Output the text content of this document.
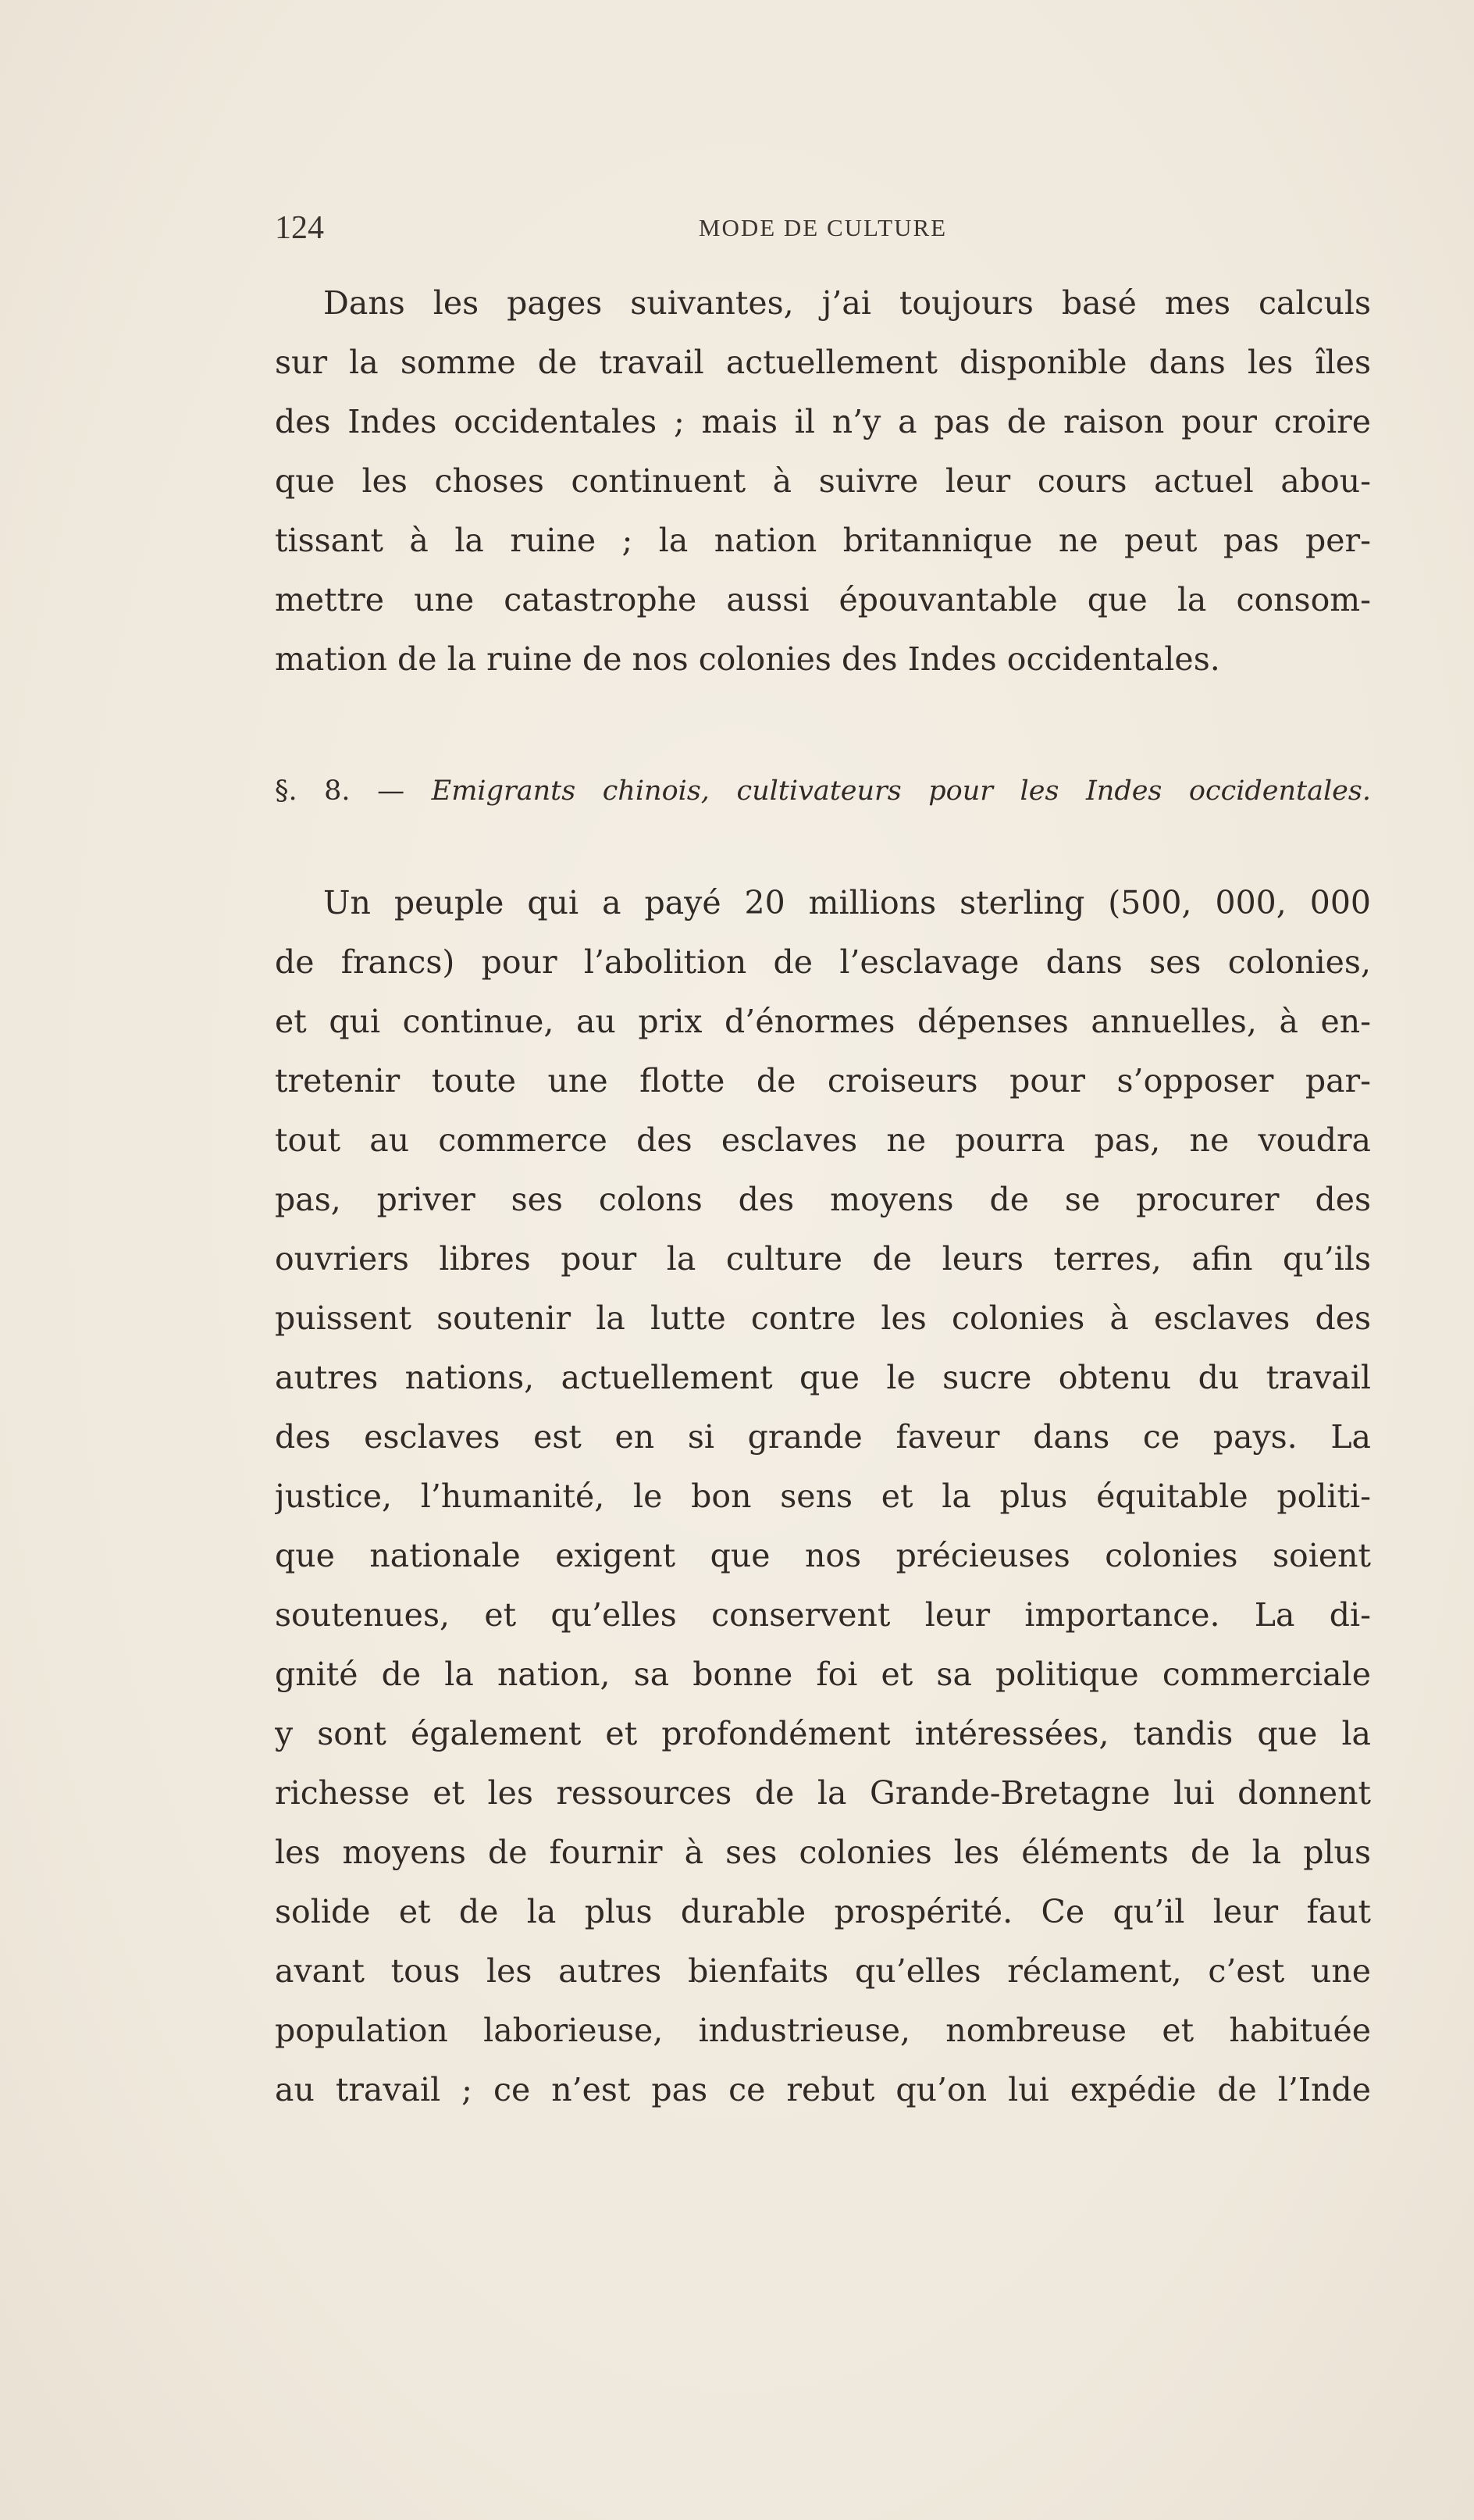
124	MODE DE CULTURE
Dans les pages suivantes, j’ai toujours basé mes calculs
sur la somme de travail actuellement disponible dans les îles
des Indes occidentales ; mais il n’y a pas de raison pour croire
que les choses continuent à suivre leur cours actuel abou-
tissant à la ruine ; la nation britannique ne peut pas per-
mettre une catastrophe aussi épouvantable que la consom-
mation de la ruine de nos colonies des Indes occidentales.
§. 8. — Emigrants chinois, cultivateurs pour les Indes occidentales.
Un peuple qui a payé 20 millions sterling (500, 000, 000
de francs) pour l’abolition de l’esclavage dans ses colonies,
et qui continue, au prix d’énormes dépenses annuelles, à en-
tretenir toute une flotte de croiseurs pour s’opposer par-
tout au commerce des esclaves ne pourra pas, ne voudra
pas, priver ses colons des moyens de se procurer des
ouvriers libres pour la culture de leurs terres, afin qu’ils
puissent soutenir la lutte contre les colonies à esclaves des
autres nations, actuellement que le sucre obtenu du travail
des esclaves est en si grande faveur dans ce pays. La
justice, l’humanité, le bon sens et la plus équitable politi-
que nationale exigent que nos précieuses colonies soient
soutenues, et qu’elles conservent leur importance. La di-
gnité de la nation, sa bonne foi et sa politique commerciale
y sont également et profondément intéressées, tandis que la
richesse et les ressources de la Grande-Bretagne lui donnent
les moyens de fournir à ses colonies les éléments de la plus
solide et de la plus durable prospérité. Ce qu’il leur faut
avant tous les autres bienfaits qu’elles réclament, c’est une
population laborieuse, industrieuse, nombreuse et habituée
au travail ; ce n’est pas ce rebut qu’on lui expédie de l’Inde
